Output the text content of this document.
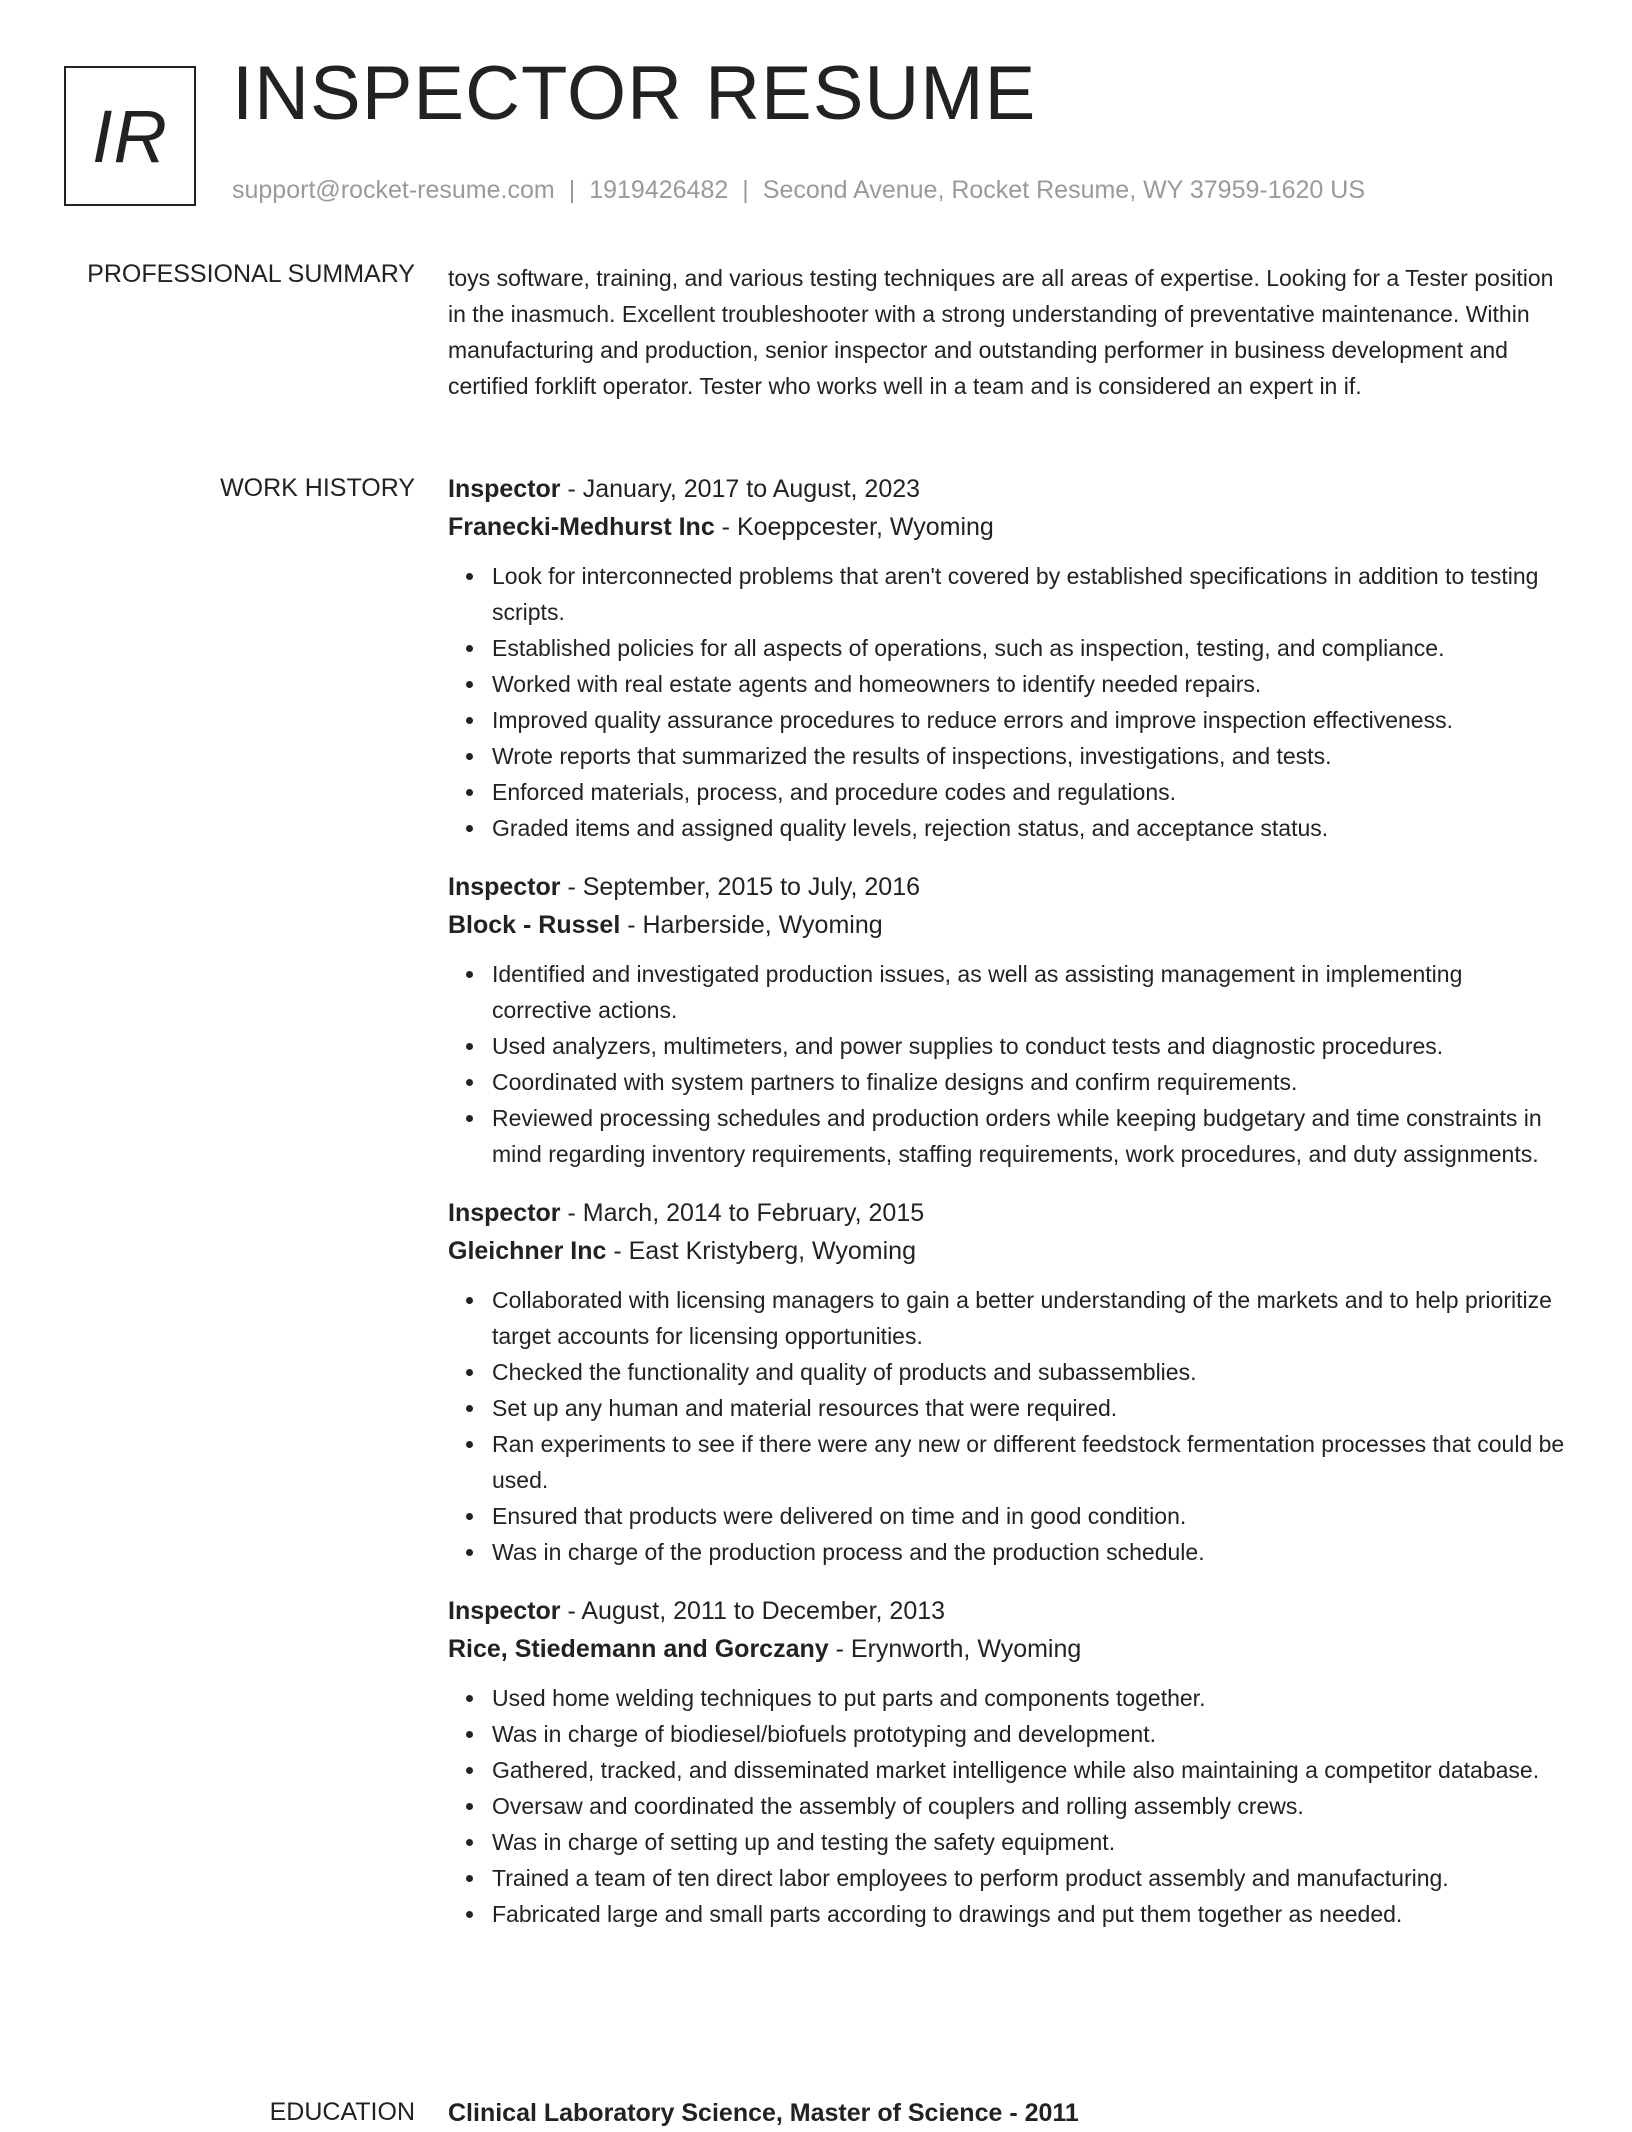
IR INSPECTOR RESUME
support@rocket-resume.com | 1919426482 | Second Avenue, Rocket Resume, WY 37959-1620 US
PROFESSIONAL SUMMARY toys software, training, and various testing techniques are all areas of expertise. Looking for a Tester position in the inasmuch. Excellent troubleshooter with a strong understanding of preventative maintenance. Within manufacturing and production, senior inspector and outstanding performer in business development and certified forklift operator. Tester who works well in a team and is considered an expert in if.

WORK HISTORY Inspector - January, 2017 to August, 2023

Franecki-Medhurst Inc - Koeppcester, Wyoming

Look for interconnected problems that aren't covered by established specifications in addition to testing scripts.
Established policies for all aspects of operations, such as inspection, testing, and compliance.
Worked with real estate agents and homeowners to identify needed repairs.
Improved quality assurance procedures to reduce errors and improve inspection effectiveness.
Wrote reports that summarized the results of inspections, investigations, and tests.
Enforced materials, process, and procedure codes and regulations.
Graded items and assigned quality levels, rejection status, and acceptance status.

Inspector - September, 2015 to July, 2016

Block - Russel - Harberside, Wyoming

Identified and investigated production issues, as well as assisting management in implementing corrective actions.
Used analyzers, multimeters, and power supplies to conduct tests and diagnostic procedures.
Coordinated with system partners to finalize designs and confirm requirements.
Reviewed processing schedules and production orders while keeping budgetary and time constraints in mind regarding inventory requirements, staffing requirements, work procedures, and duty assignments.

Inspector - March, 2014 to February, 2015

Gleichner Inc - East Kristyberg, Wyoming

Collaborated with licensing managers to gain a better understanding of the markets and to help prioritize target accounts for licensing opportunities.
Checked the functionality and quality of products and subassemblies.
Set up any human and material resources that were required.
Ran experiments to see if there were any new or different feedstock fermentation processes that could be used.
Ensured that products were delivered on time and in good condition.
Was in charge of the production process and the production schedule.

Inspector - August, 2011 to December, 2013

Rice, Stiedemann and Gorczany - Erynworth, Wyoming

Used home welding techniques to put parts and components together.
Was in charge of biodiesel/biofuels prototyping and development.
Gathered, tracked, and disseminated market intelligence while also maintaining a competitor database.
Oversaw and coordinated the assembly of couplers and rolling assembly crews.
Was in charge of setting up and testing the safety equipment.
Trained a team of ten direct labor employees to perform product assembly and manufacturing.
Fabricated large and small parts according to drawings and put them together as needed.
EDUCATION Clinical Laboratory Science, Master of Science - 2011
